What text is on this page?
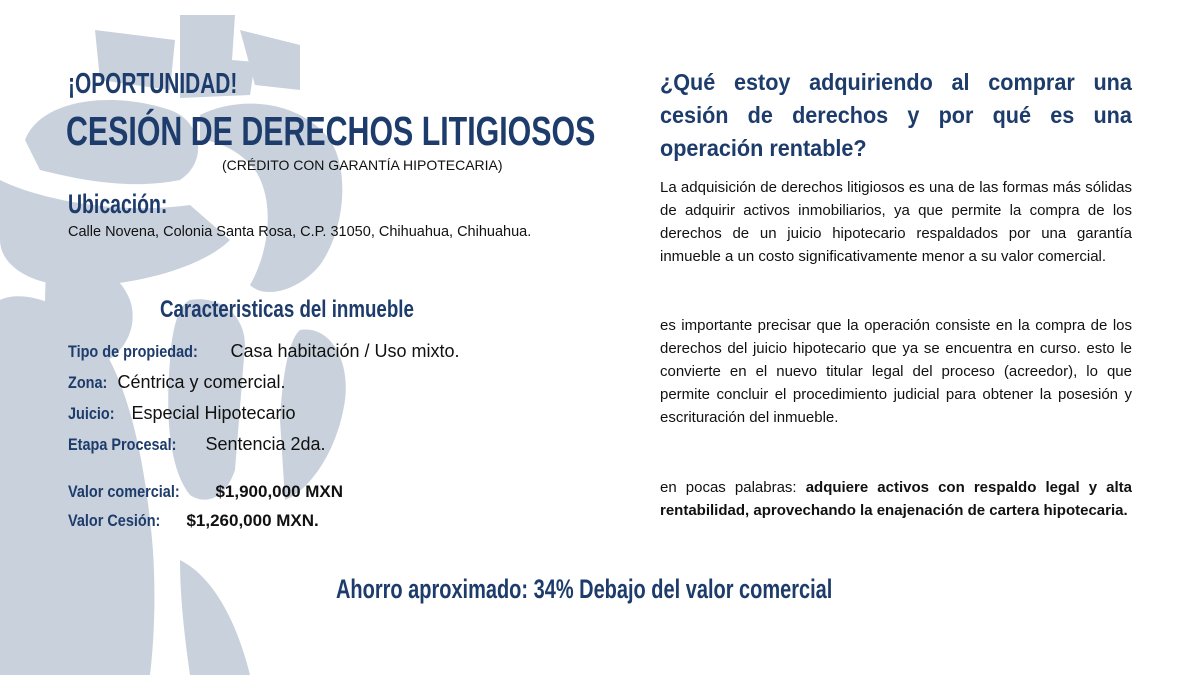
¡OPORTUNIDAD!
CESIÓN DE DERECHOS LITIGIOSOS
(CRÉDITO CON GARANTÍA HIPOTECARIA)
Ubicación:
Calle Novena, Colonia Santa Rosa, C.P. 31050, Chihuahua, Chihuahua.
Caracteristicas del inmueble
Tipo de propiedad: Casa habitación / Uso mixto.
Zona: Céntrica y comercial.
Juicio: Especial Hipotecario
Etapa Procesal: Sentencia 2da.
Valor comercial: $1,900,000 MXN
Valor Cesión: $1,260,000 MXN.
¿Qué estoy adquiriendo al comprar una cesión de derechos y por qué es una operación rentable?
La adquisición de derechos litigiosos es una de las formas más sólidas de adquirir activos inmobiliarios, ya que permite la compra de los derechos de un juicio hipotecario respaldados por una garantía inmueble a un costo significativamente menor a su valor comercial.
es importante precisar que la operación consiste en la compra de los derechos del juicio hipotecario que ya se encuentra en curso. esto le convierte en el nuevo titular legal del proceso (acreedor), lo que permite concluir el procedimiento judicial para obtener la posesión y escrituración del inmueble.
en pocas palabras: adquiere activos con respaldo legal y alta rentabilidad, aprovechando la enajenación de cartera hipotecaria.
Ahorro aproximado: 34% Debajo del valor comercial
